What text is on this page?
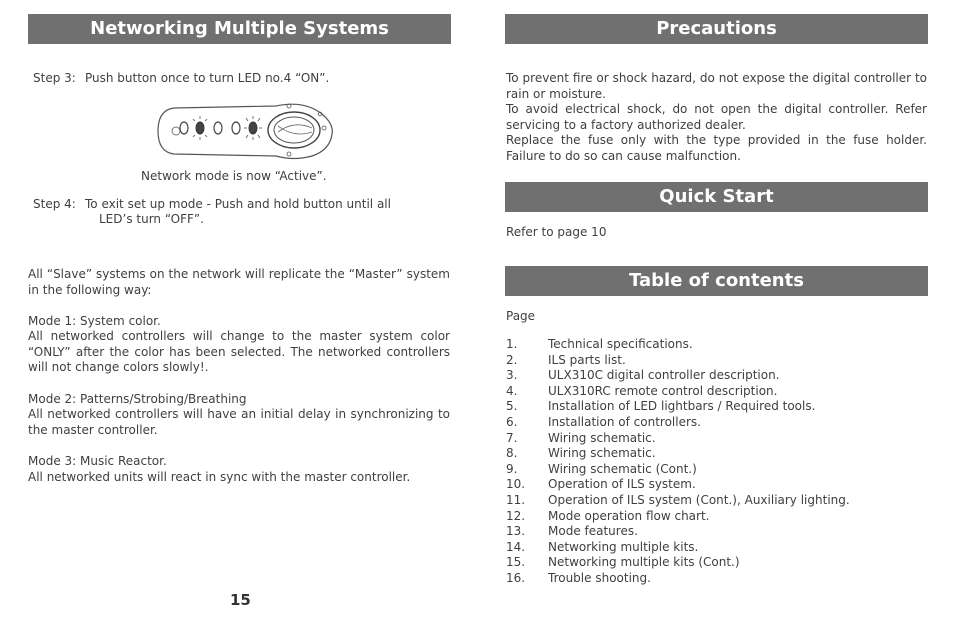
Networking Multiple Systems
Step 3: Push button once to turn LED no.4 “ON”.
Network mode is now “Active”.
Step 4: To exit set up mode - Push and hold button until all
LED’s turn “OFF”.
All “Slave” systems on the network will replicate the “Master” system in the following way:
Mode 1: System color.
All networked controllers will change to the master system color “ONLY” after the color has been selected. The networked controllers will not change colors slowly!.
Mode 2: Patterns/Strobing/Breathing
All networked controllers will have an initial delay in synchronizing to the master controller.
Mode 3: Music Reactor.
All networked units will react in sync with the master controller.
15
Precautions
To prevent fire or shock hazard, do not expose the digital controller to rain or moisture.
To avoid electrical shock, do not open the digital controller. Refer servicing to a factory authorized dealer.
Replace the fuse only with the type provided in the fuse holder. Failure to do so can cause malfunction.
Quick Start
Refer to page 10
Table of contents
Page
1.	Technical specifications.
2.	ILS parts list.
3.	ULX310C digital controller description.
4.	ULX310RC remote control description.
5.	Installation of LED lightbars / Required tools.
6.	Installation of controllers.
7.	Wiring schematic.
8.	Wiring schematic.
9.	Wiring schematic (Cont.)
10.	Operation of ILS system.
11.	Operation of ILS system (Cont.), Auxiliary lighting.
12.	Mode operation flow chart.
13.	Mode features.
14.	Networking multiple kits.
15.	Networking multiple kits (Cont.)
16.	Trouble shooting.
